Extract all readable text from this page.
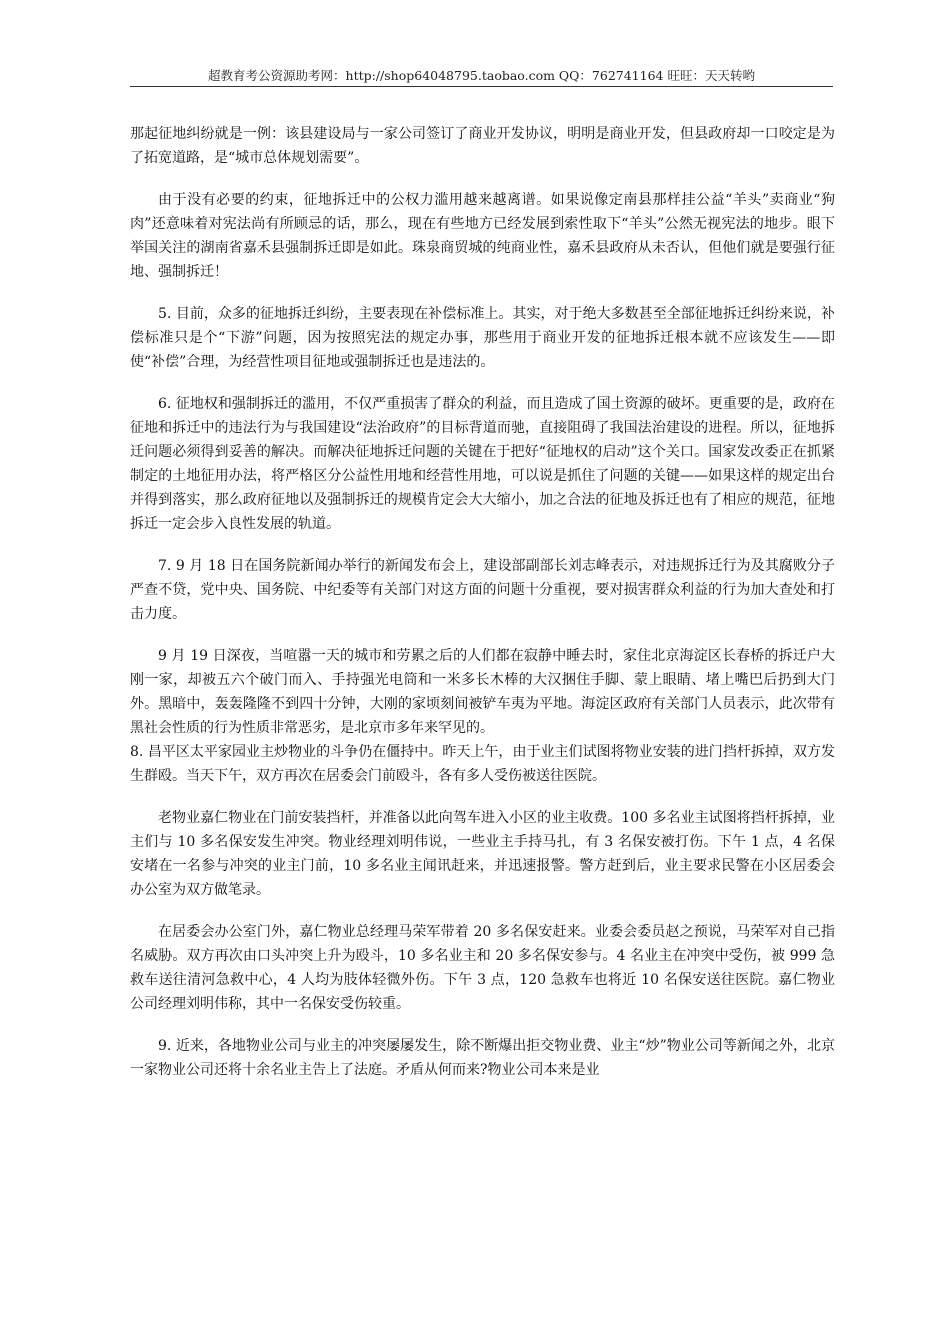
超教育考公资源助考网：http://shop64048795.taobao.com QQ：762741164 旺旺：天天转哟

那起征地纠纷就是一例：该县建设局与一家公司签订了商业开发协议，明明是商业开发，但县政府却一口咬定是为了拓宽道路，是“城市总体规划需要”。

由于没有必要的约束，征地拆迁中的公权力滥用越来越离谱。如果说像定南县那样挂公益“羊头”卖商业“狗肉”还意味着对宪法尚有所顾忌的话，那么，现在有些地方已经发展到索性取下“羊头”公然无视宪法的地步。眼下举国关注的湖南省嘉禾县强制拆迁即是如此。珠泉商贸城的纯商业性，嘉禾县政府从未否认，但他们就是要强行征地、强制拆迁！

5. 目前，众多的征地拆迁纠纷，主要表现在补偿标准上。其实，对于绝大多数甚至全部征地拆迁纠纷来说，补偿标准只是个“下游”问题，因为按照宪法的规定办事，那些用于商业开发的征地拆迁根本就不应该发生——即使“补偿”合理，为经营性项目征地或强制拆迁也是违法的。

6. 征地权和强制拆迁的滥用，不仅严重损害了群众的利益，而且造成了国土资源的破坏。更重要的是，政府在征地和拆迁中的违法行为与我国建设“法治政府”的目标背道而驰，直接阻碍了我国法治建设的进程。所以，征地拆迁问题必须得到妥善的解决。而解决征地拆迁问题的关键在于把好“征地权的启动”这个关口。国家发改委正在抓紧制定的土地征用办法，将严格区分公益性用地和经营性用地，可以说是抓住了问题的关键——如果这样的规定出台并得到落实，那么政府征地以及强制拆迁的规模肯定会大大缩小，加之合法的征地及拆迁也有了相应的规范，征地拆迁一定会步入良性发展的轨道。

7. 9 月 18 日在国务院新闻办举行的新闻发布会上，建设部副部长刘志峰表示，对违规拆迁行为及其腐败分子严查不贷，党中央、国务院、中纪委等有关部门对这方面的问题十分重视，要对损害群众利益的行为加大查处和打击力度。

9 月 19 日深夜，当喧嚣一天的城市和劳累之后的人们都在寂静中睡去时，家住北京海淀区长春桥的拆迁户大刚一家，却被五六个破门而入、手持强光电筒和一米多长木棒的大汉捆住手脚、蒙上眼睛、堵上嘴巴后扔到大门外。黑暗中，轰轰隆隆不到四十分钟，大刚的家顷刻间被铲车夷为平地。海淀区政府有关部门人员表示，此次带有黑社会性质的行为性质非常恶劣，是北京市多年来罕见的。

8. 昌平区太平家园业主炒物业的斗争仍在僵持中。昨天上午，由于业主们试图将物业安装的进门挡杆拆掉，双方发生群殴。当天下午，双方再次在居委会门前殴斗，各有多人受伤被送往医院。

老物业嘉仁物业在门前安装挡杆，并准备以此向驾车进入小区的业主收费。100 多名业主试图将挡杆拆掉，业主们与 10 多名保安发生冲突。物业经理刘明伟说，一些业主手持马扎，有 3 名保安被打伤。下午 1 点，4 名保安堵在一名参与冲突的业主门前，10 多名业主闻讯赶来，并迅速报警。警方赶到后，业主要求民警在小区居委会办公室为双方做笔录。

在居委会办公室门外，嘉仁物业总经理马荣军带着 20 多名保安赶来。业委会委员赵之预说，马荣军对自己指名威胁。双方再次由口头冲突上升为殴斗，10 多名业主和 20 多名保安参与。4 名业主在冲突中受伤，被 999 急救车送往清河急救中心，4 人均为肢体轻微外伤。下午 3 点，120 急救车也将近 10 名保安送往医院。嘉仁物业公司经理刘明伟称，其中一名保安受伤较重。

9. 近来，各地物业公司与业主的冲突屡屡发生，除不断爆出拒交物业费、业主“炒”物业公司等新闻之外，北京一家物业公司还将十余名业主告上了法庭。矛盾从何而来?物业公司本来是业
